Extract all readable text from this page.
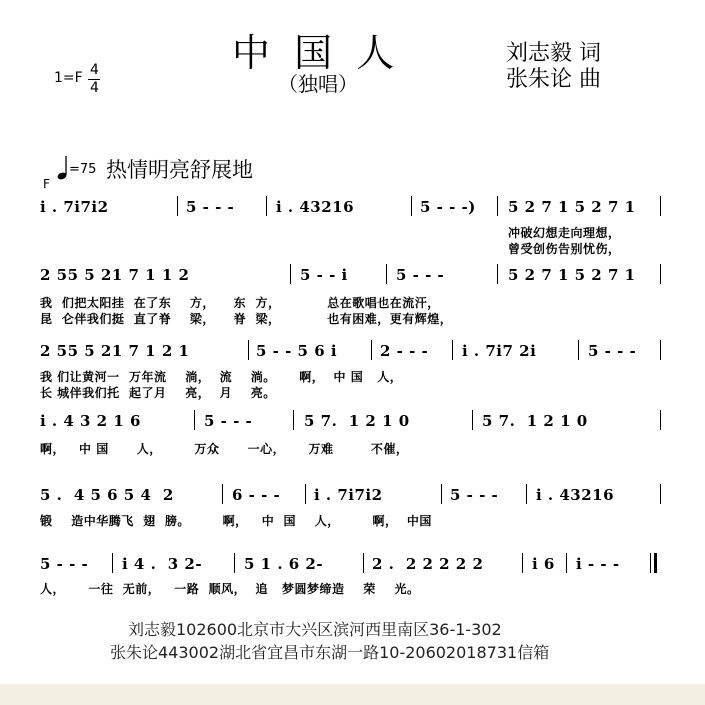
中 国 人
（独唱）
刘志毅 词
张朱论 曲
1=F 4
4
F
=75 热情明亮舒展地
i . 7i7i2	5 - - -	i . 43216	5 - - -) 5 2 7 1 5 2 7 1
冲破幻想走向理想，
曾受创伤告别忧伤，
2 55 5 21 7 1 1 2	5 - - i	5 - - -	5 2 7 1 5 2 7 1
我  们把太阳挂  在了东    方，    东  方，          总在歌唱也在流汗，
昆  仑伴我们挺  直了脊    梁，    脊  梁，          也有困难，更有辉煌，
2 55 5 21 7 1 2 1	5 - - 5 6 i	2 - - - i . 7i7 2i	5 - - -
我 们让黄河一  万年流    淌，  流    淌。     啊，  中 国   人，
长 城伴我们托  起了月    亮，  月    亮。
i . 4 3 2 1 6	5 - - -	5 7.  1 2 1 0	5 7.  1 2 1 0
啊，   中 国      人，       万众      一心，     万难        不催，
5 .  4 5 6 5 4  2	6 - - - i . 7i7i2	5 - - -	i . 43216
锻    造中华腾飞  翅  膀。       啊，   中  国    人，       啊，  中国
5 - - - i 4 .  3 2-	5 1 . 6 2-	2 .  2 2 2 2 2	i 6 i - - -
人，     一往  无前，   一路  顺风，  追   梦圆梦缔造    荣    光。
刘志毅102600北京市大兴区滨河西里南区36-1-302
张朱论443002湖北省宜昌市东湖一路10-20602018731信箱
